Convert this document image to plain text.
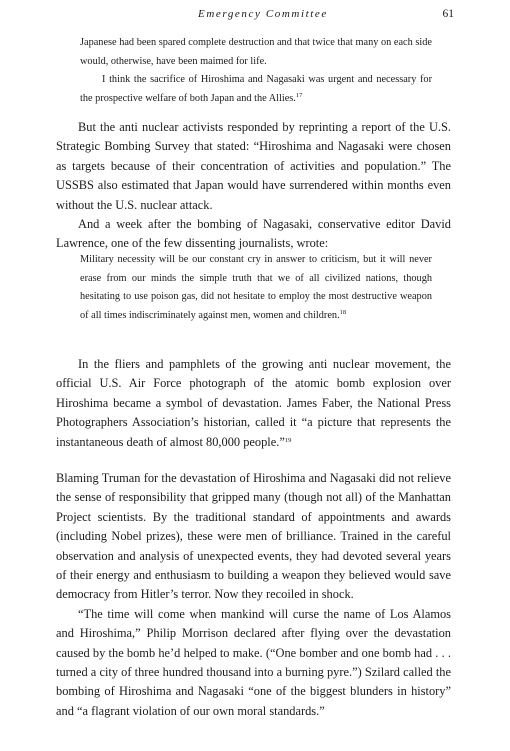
Emergency Committee	61

Japanese had been spared complete destruction and that twice that many on each side would, otherwise, have been maimed for life.

I think the sacrifice of Hiroshima and Nagasaki was urgent and necessary for the prospective welfare of both Japan and the Allies.$^{17}$

But the anti nuclear activists responded by reprinting a report of the U.S. Strategic Bombing Survey that stated: “Hiroshima and Nagasaki were chosen as targets because of their concentration of activities and population.” The USSBS also estimated that Japan would have surrendered within months even without the U.S. nuclear attack.

And a week after the bombing of Nagasaki, conservative editor David Lawrence, one of the few dissenting journalists, wrote:

Military necessity will be our constant cry in answer to criticism, but it will never erase from our minds the simple truth that we of all civilized nations, though hesitating to use poison gas, did not hesitate to employ the most destructive weapon of all times indiscriminately against men, women and children.$^{18}$

In the fliers and pamphlets of the growing anti nuclear movement, the official U.S. Air Force photograph of the atomic bomb explosion over Hiroshima became a symbol of devastation. James Faber, the National Press Photographers Association’s historian, called it “a picture that represents the instantaneous death of almost 80,000 people.”$^{19}$

Blaming Truman for the devastation of Hiroshima and Nagasaki did not relieve the sense of responsibility that gripped many (though not all) of the Manhattan Project scientists. By the traditional standard of appointments and awards (including Nobel prizes), these were men of brilliance. Trained in the careful observation and analysis of unexpected events, they had devoted several years of their energy and enthusiasm to building a weapon they believed would save democracy from Hitler’s terror. Now they recoiled in shock.

“The time will come when mankind will curse the name of Los Alamos and Hiroshima,” Philip Morrison declared after flying over the devastation caused by the bomb he’d helped to make. (“One bomber and one bomb had . . . turned a city of three hundred thousand into a burning pyre.”) Szilard called the bombing of Hiroshima and Nagasaki “one of the biggest blunders in history” and “a flagrant violation of our own moral standards.”
